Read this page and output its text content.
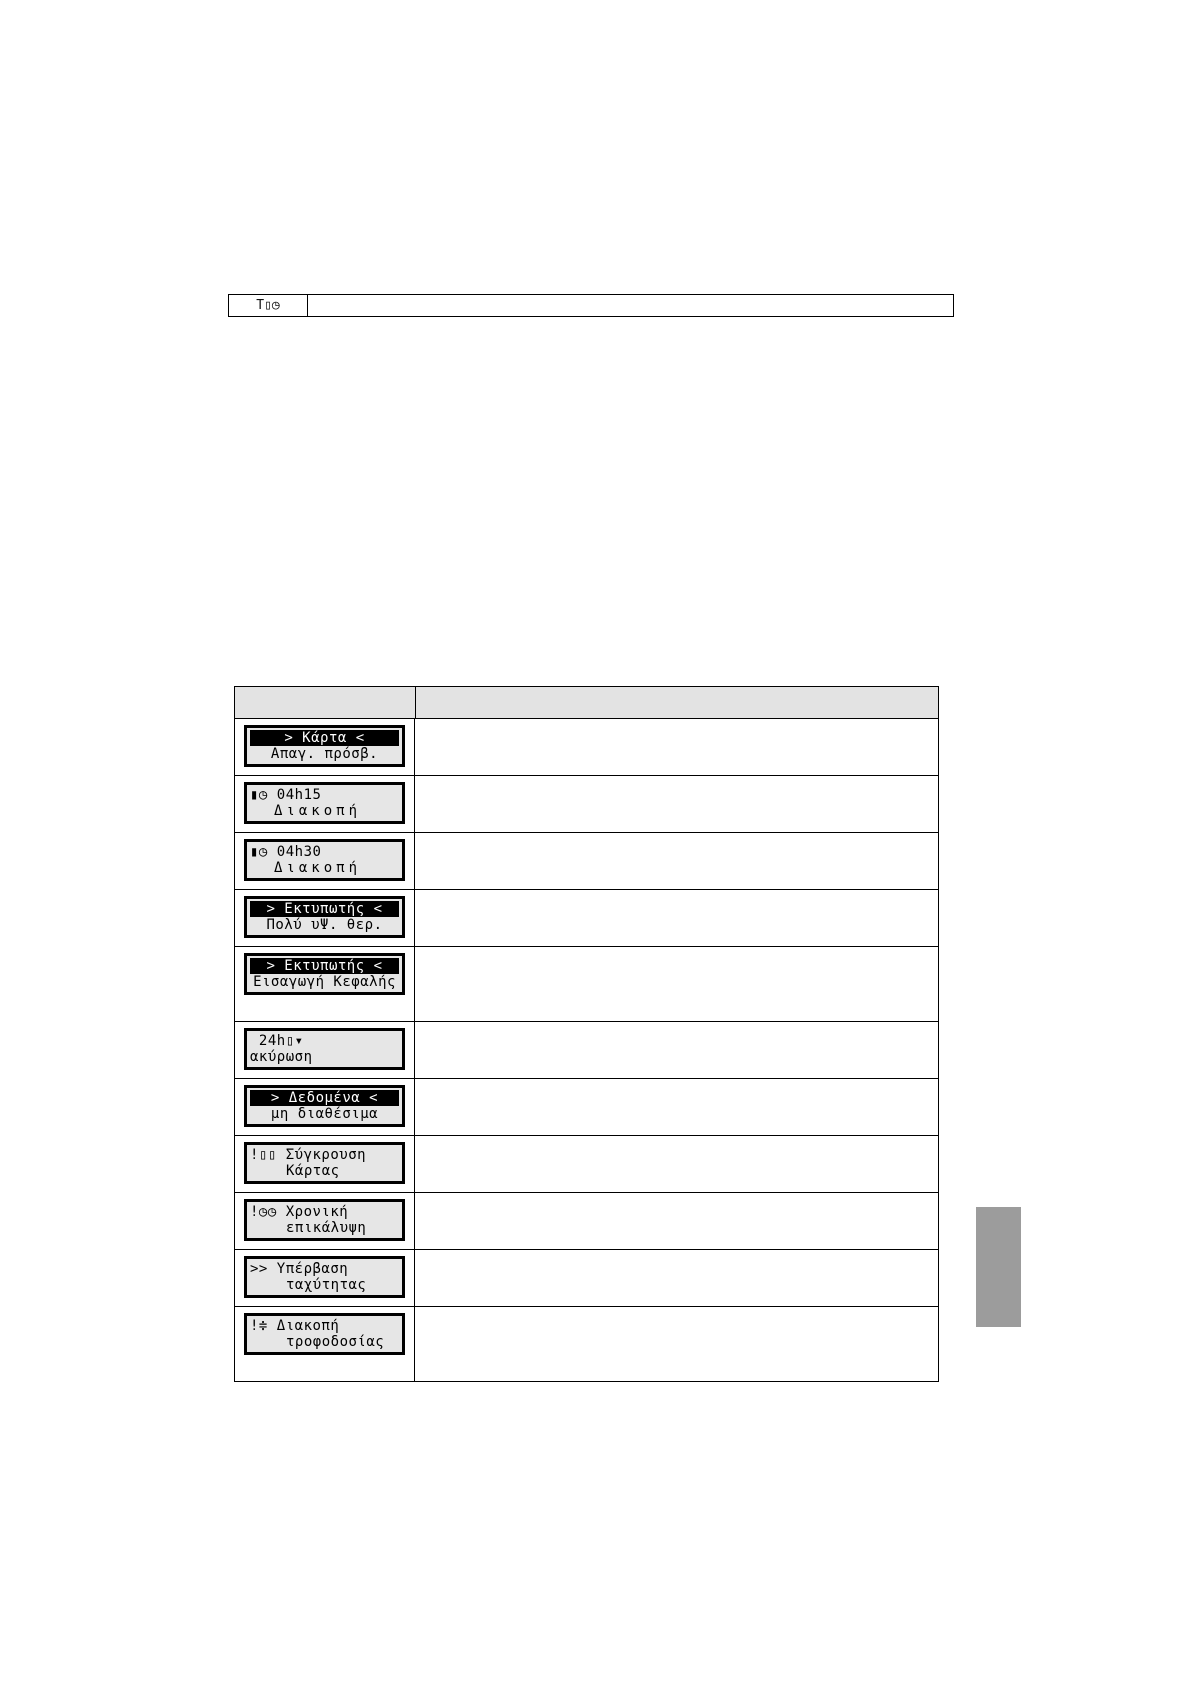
T▯◷
> Κάρτα <
Απαγ. πρόσβ.
▮◷ 04h15
Διακοπή
▮◷ 04h30
Διακοπή
> Εκτυπωτής <
Πολύ υΨ. θερ.
> Εκτυπωτής <
Εισαγωγή Κεφαλής
24h▯▾
ακύρωση
> Δεδομένα <
μη διαθέσιμα
!▯▯ Σύγκρουση
Κάρτας
!◷◷ Χρονική
επικάλυψη
>> Υπέρβαση
ταχύτητας
!≑ Διακοπή
τροφοδοσίας
